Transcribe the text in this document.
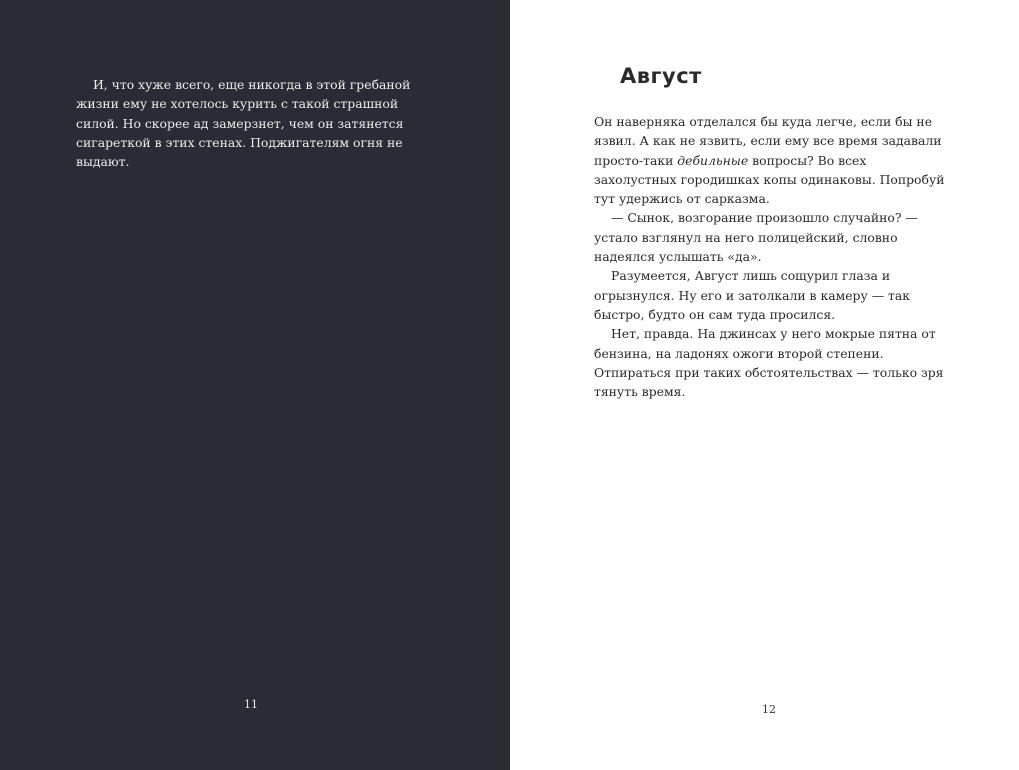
И, что хуже всего, еще никогда в этой гребаной жизни ему не хотелось курить с такой страшной силой. Но скорее ад замерзнет, чем он затянется сигареткой в этих стенах. Поджигателям огня не выдают.

11
Август

Он наверняка отделался бы куда легче, если бы не язвил. А как не язвить, если ему все время задавали просто-таки дебильные вопросы? Во всех захолустных городишках копы одинаковы. Попробуй тут удержись от сарказма.

— Сынок, возгорание произошло случайно? — устало взглянул на него полицейский, словно надеялся услышать «да».

Разумеется, Август лишь сощурил глаза и огрызнулся. Ну его и затолкали в камеру — так быстро, будто он сам туда просился.

Нет, правда. На джинсах у него мокрые пятна от бензина, на ладонях ожоги второй степени. Отпираться при таких обстоятельствах — только зря тянуть время.

12
